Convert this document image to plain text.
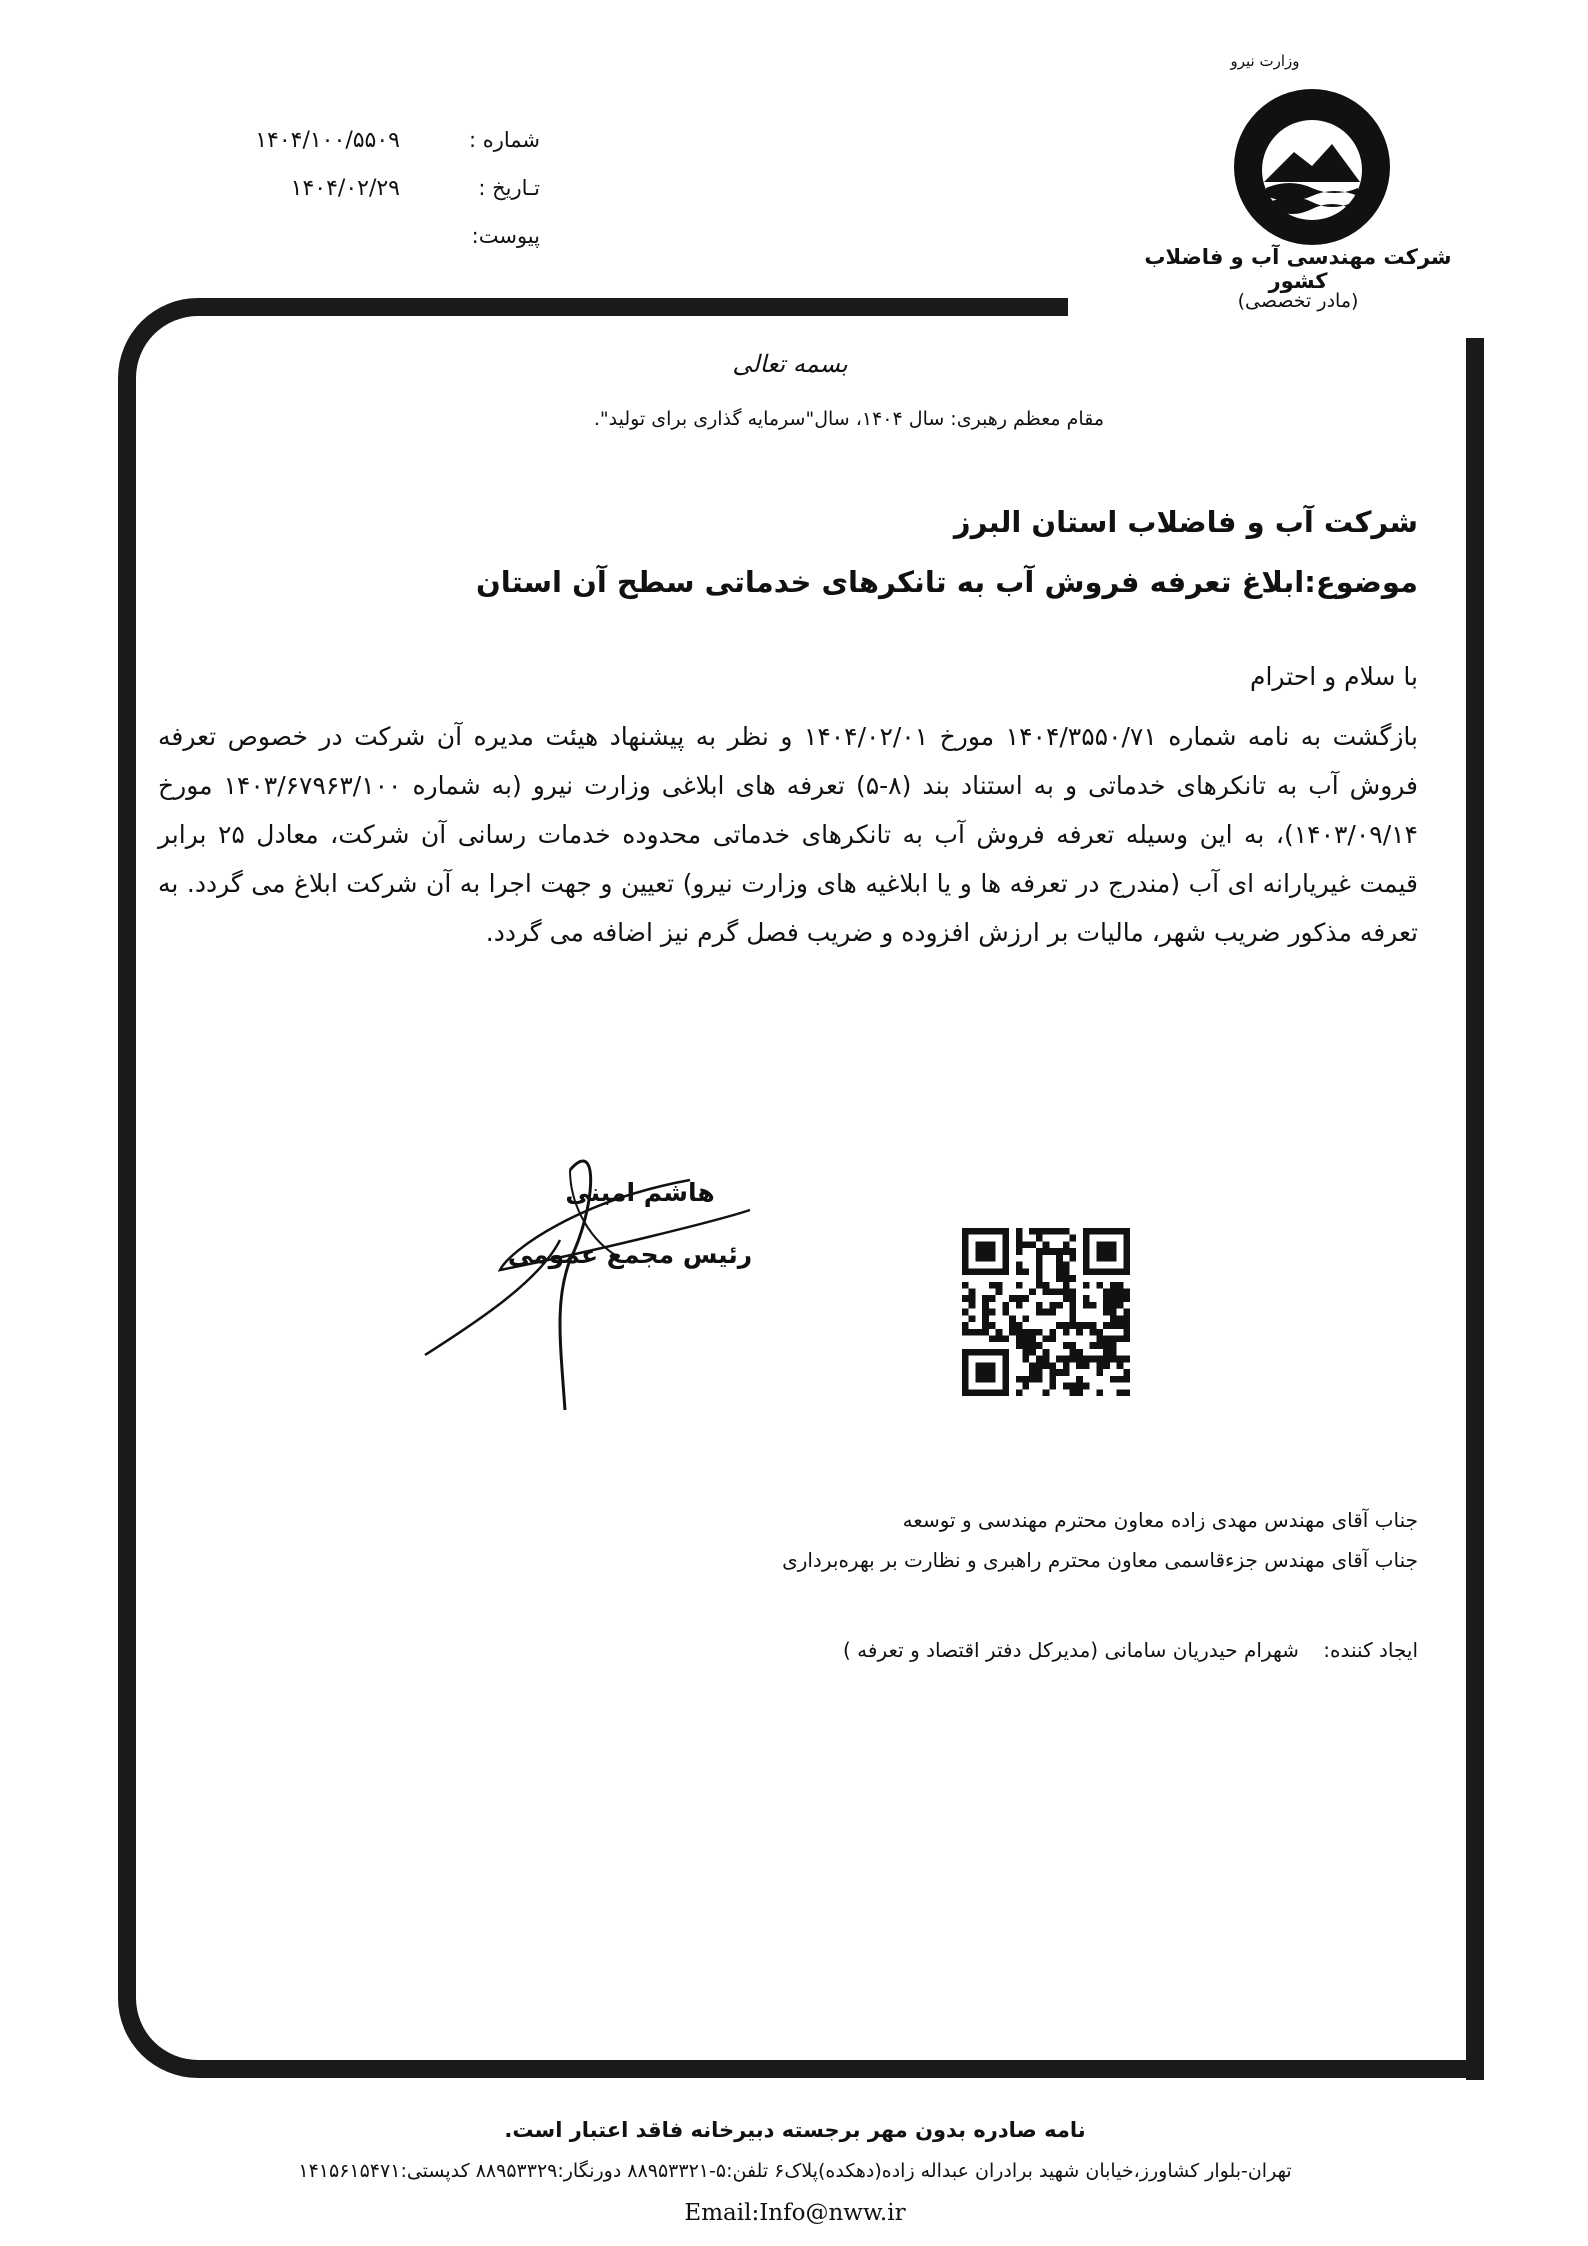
وزارت نیرو
شرکت مهندسی آب و فاضلاب کشور
(مادر تخصصی)
شماره :
۱۴۰۴/۱۰۰/۵۵۰۹
تـاریخ :
۱۴۰۴/۰۲/۲۹
پیوست:
بسمه تعالی
مقام معظم رهبری: سال ۱۴۰۴، سال"سرمایه گذاری برای تولید".
شرکت آب و فاضلاب استان البرز
موضوع:ابلاغ تعرفه فروش آب به تانکرهای خدماتی سطح آن استان
با سلام و احترام
بازگشت به نامه شماره ۱۴۰۴/۳۵۵۰/۷۱ مورخ ۱۴۰۴/۰۲/۰۱ و نظر به پیشنهاد هیئت مدیره آن شرکت در خصوص تعرفه فروش آب به تانکرهای خدماتی و به استناد بند (۸-۵) تعرفه های ابلاغی وزارت نیرو (به شماره ۱۴۰۳/۶۷۹۶۳/۱۰۰ مورخ ۱۴۰۳/۰۹/۱۴)، به این وسیله تعرفه فروش آب به تانکرهای خدماتی محدوده خدمات رسانی آن شرکت، معادل ۲۵ برابر قیمت غیریارانه ای آب (مندرج در تعرفه ها و یا ابلاغیه های وزارت نیرو) تعیین و جهت اجرا به آن شرکت ابلاغ می گردد. به تعرفه مذکور ضریب شهر، مالیات بر ارزش افزوده و ضریب فصل گرم نیز اضافه می گردد.
هاشم امینی
رئیس مجمع عمومی
جناب آقای مهندس مهدی زاده معاون محترم مهندسی و توسعه
جناب آقای مهندس جزءقاسمی معاون محترم راهبری و نظارت بر بهره‌برداری
ایجاد کننده: شهرام حیدریان سامانی (مدیرکل دفتر اقتصاد و تعرفه )
نامه صادره بدون مهر برجسته دبیرخانه فاقد اعتبار است.
تهران-بلوار کشاورز،خیابان شهید برادران عبداله زاده(دهکده)پلاک۶ تلفن:۵-۸۸۹۵۳۳۲۱ دورنگار:۸۸۹۵۳۳۲۹ کدپستی:۱۴۱۵۶۱۵۴۷۱
Email:Info@nww.ir
